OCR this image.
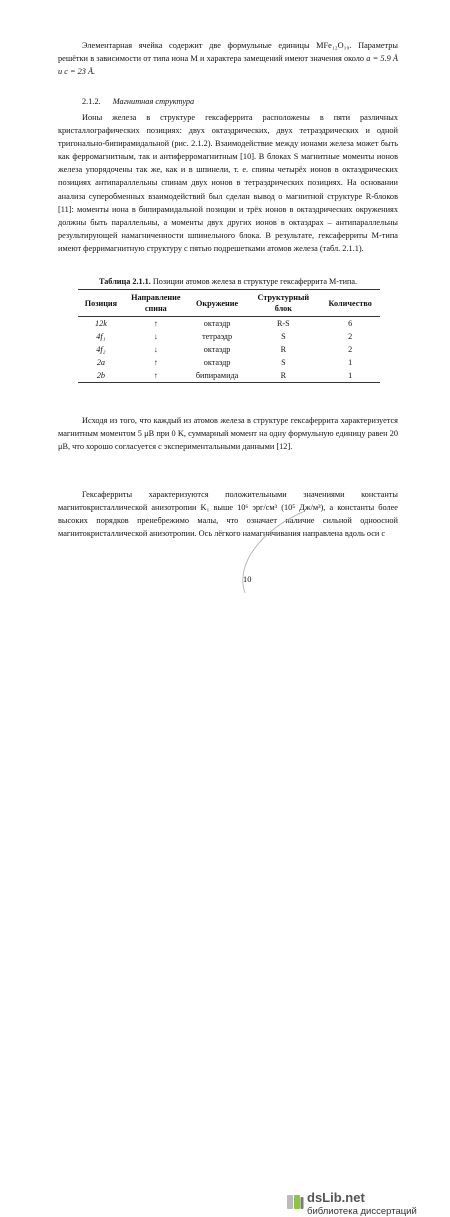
Элементарная ячейка содержит две формульные единицы MFe₁₂O₁₉. Параметры решётки в зависимости от типа иона M и характера замещений имеют значения около a = 5.9 Å и c = 23 Å.
2.1.2. Магнитная структура
Ионы железа в структуре гексаферрита расположены в пяти различных кристаллографических позициях: двух октаэдрических, двух тетраэдрических и одной тригонально-бипирамидальной (рис. 2.1.2). Взаимодействие между ионами железа может быть как ферромагнитным, так и антиферромагнитным [10]. В блоках S магнитные моменты ионов железа упорядочены так же, как и в шпинели, т. е. спины четырёх ионов в октаэдрических позициях антипараллельны спинам двух ионов в тетраэдрических позициях. На основании анализа суперобменных взаимодействий был сделан вывод о магнитной структуре R-блоков [11]: моменты иона в бипирамидальной позиции и трёх ионов в октаэдрических окружениях должны быть параллельны, а моменты двух других ионов в октаэдрах – антипараллельны результирующей намагниченности шпинельного блока. В результате, гексаферриты M-типа имеют ферримагнитную структуру с пятью подрешетками атомов железа (табл. 2.1.1).
Таблица 2.1.1. Позиции атомов железа в структуре гексаферрита M-типа.
Позиция	Направление спина	Окружение	Структурный блок	Количество
12k	↑	октаэдр	R-S	6
4f₁	↓	тетраэдр	S	2
4f₂	↓	октаэдр	R	2
2a	↑	октаэдр	S	1
2b	↑	бипирамида	R	1
Исходя из того, что каждый из атомов железа в структуре гексаферрита характеризуется магнитным моментом 5 μB при 0 K, суммарный момент на одну формульную единицу равен 20 μB, что хорошо согласуется с экспериментальными данными [12].
Гексаферриты характеризуются положительными значениями константы магнитокристаллической анизотропии K₁ выше 10⁶ эрг/см³ (10⁵ Дж/м³), а константы более высоких порядков пренебрежимо малы, что означает наличие сильной одноосной магнитокристаллической анизотропии. Ось лёгкого намагничивания направлена вдоль оси c
10
dsLib.net
библиотека диссертаций
